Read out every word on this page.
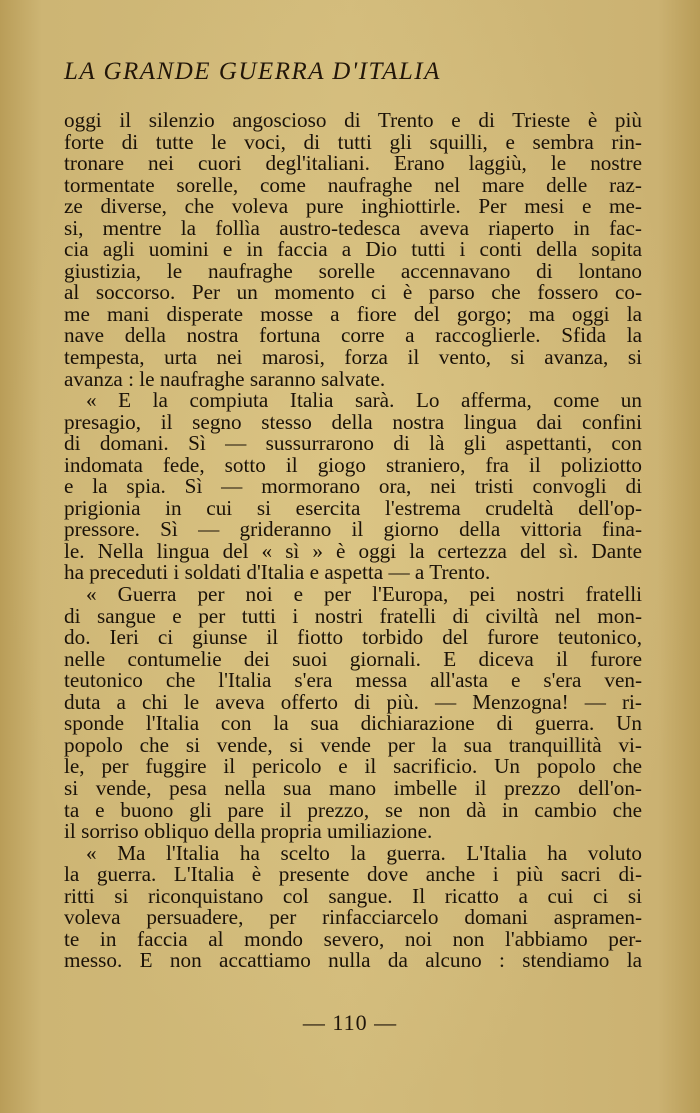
LA GRANDE GUERRA D'ITALIA
oggi il silenzio angoscioso di Trento e di Trieste è più
forte di tutte le voci, di tutti gli squilli, e sembra rin-
tronare nei cuori degl'italiani. Erano laggiù, le nostre
tormentate sorelle, come naufraghe nel mare delle raz-
ze diverse, che voleva pure inghiottirle. Per mesi e me-
si, mentre la follìa austro-tedesca aveva riaperto in fac-
cia agli uomini e in faccia a Dio tutti i conti della sopita
giustizia, le naufraghe sorelle accennavano di lontano
al soccorso. Per un momento ci è parso che fossero co-
me mani disperate mosse a fiore del gorgo; ma oggi la
nave della nostra fortuna corre a raccoglierle. Sfida la
tempesta, urta nei marosi, forza il vento, si avanza, si
avanza : le naufraghe saranno salvate.
« E la compiuta Italia sarà. Lo afferma, come un
presagio, il segno stesso della nostra lingua dai confini
di domani. Sì — sussurrarono di là gli aspettanti, con
indomata fede, sotto il giogo straniero, fra il poliziotto
e la spia. Sì — mormorano ora, nei tristi convogli di
prigionia in cui si esercita l'estrema crudeltà dell'op-
pressore. Sì — grideranno il giorno della vittoria fina-
le. Nella lingua del « sì » è oggi la certezza del sì. Dante
ha preceduti i soldati d'Italia e aspetta — a Trento.
« Guerra per noi e per l'Europa, pei nostri fratelli
di sangue e per tutti i nostri fratelli di civiltà nel mon-
do. Ieri ci giunse il fiotto torbido del furore teutonico,
nelle contumelie dei suoi giornali. E diceva il furore
teutonico che l'Italia s'era messa all'asta e s'era ven-
duta a chi le aveva offerto di più. — Menzogna! — ri-
sponde l'Italia con la sua dichiarazione di guerra. Un
popolo che si vende, si vende per la sua tranquillità vi-
le, per fuggire il pericolo e il sacrificio. Un popolo che
si vende, pesa nella sua mano imbelle il prezzo dell'on-
ta e buono gli pare il prezzo, se non dà in cambio che
il sorriso obliquo della propria umiliazione.
« Ma l'Italia ha scelto la guerra. L'Italia ha voluto
la guerra. L'Italia è presente dove anche i più sacri di-
ritti si riconquistano col sangue. Il ricatto a cui ci si
voleva persuadere, per rinfacciarcelo domani aspramen-
te in faccia al mondo severo, noi non l'abbiamo per-
messo. E non accattiamo nulla da alcuno : stendiamo la
— 110 —
